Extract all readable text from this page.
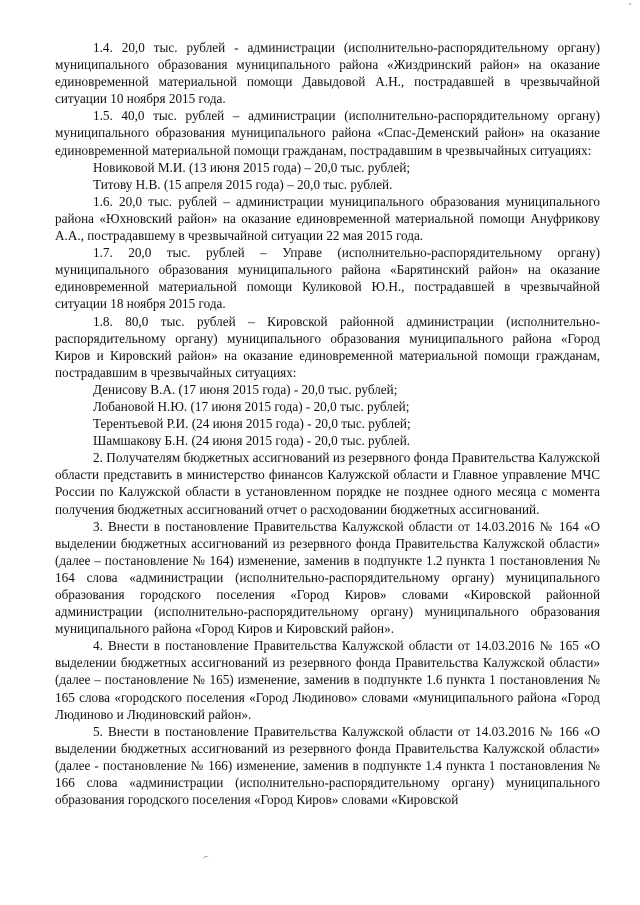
1.4. 20,0 тыс. рублей - администрации (исполнительно-распорядительному органу) муниципального образования муниципального района «Жиздринский район» на оказание единовременной материальной помощи Давыдовой А.Н., пострадавшей в чрезвычайной ситуации 10 ноября 2015 года.

1.5. 40,0 тыс. рублей – администрации (исполнительно-распорядительному органу) муниципального образования муниципального района «Спас-Деменский район» на оказание единовременной материальной помощи гражданам, пострадавшим в чрезвычайных ситуациях:

Новиковой М.И. (13 июня 2015 года) – 20,0 тыс. рублей;

Титову Н.В. (15 апреля 2015 года) – 20,0 тыс. рублей.

1.6. 20,0 тыс. рублей – администрации муниципального образования муниципального района «Юхновский район» на оказание единовременной материальной помощи Ануфрикову А.А., пострадавшему в чрезвычайной ситуации 22 мая 2015 года.

1.7. 20,0 тыс. рублей – Управе (исполнительно-распорядительному органу) муниципального образования муниципального района «Барятинский район» на оказание единовременной материальной помощи Куликовой Ю.Н., пострадавшей в чрезвычайной ситуации 18 ноября 2015 года.

1.8. 80,0 тыс. рублей – Кировской районной администрации (исполнительно-распорядительному органу) муниципального образования муниципального района «Город Киров и Кировский район» на оказание единовременной материальной помощи гражданам, пострадавшим в чрезвычайных ситуациях:

Денисову В.А. (17 июня 2015 года) - 20,0 тыс. рублей;

Лобановой Н.Ю. (17 июня 2015 года) - 20,0 тыс. рублей;

Терентьевой Р.И. (24 июня 2015 года) - 20,0 тыс. рублей;

Шамшакову Б.Н. (24 июня 2015 года) - 20,0 тыс. рублей.

2. Получателям бюджетных ассигнований из резервного фонда Правительства Калужской области представить в министерство финансов Калужской области и Главное управление МЧС России по Калужской области в установленном порядке не позднее одного месяца с момента получения бюджетных ассигнований отчет о расходовании бюджетных ассигнований.

3. Внести в постановление Правительства Калужской области от 14.03.2016 № 164 «О выделении бюджетных ассигнований из резервного фонда Правительства Калужской области» (далее – постановление № 164) изменение, заменив в подпункте 1.2 пункта 1 постановления № 164 слова «администрации (исполнительно-распорядительному органу) муниципального образования городского поселения «Город Киров» словами «Кировской районной администрации (исполнительно-распорядительному органу) муниципального образования муниципального района «Город Киров и Кировский район».

4. Внести в постановление Правительства Калужской области от 14.03.2016 № 165 «О выделении бюджетных ассигнований из резервного фонда Правительства Калужской области» (далее – постановление № 165) изменение, заменив в подпункте 1.6 пункта 1 постановления № 165 слова «городского поселения «Город Людиново» словами «муниципального района «Город Людиново и Людиновский район».

5. Внести в постановление Правительства Калужской области от 14.03.2016 № 166 «О выделении бюджетных ассигнований из резервного фонда Правительства Калужской области» (далее - постановление № 166) изменение, заменив в подпункте 1.4 пункта 1 постановления № 166 слова «администрации (исполнительно-распорядительному органу) муниципального образования городского поселения «Город Киров» словами «Кировской
